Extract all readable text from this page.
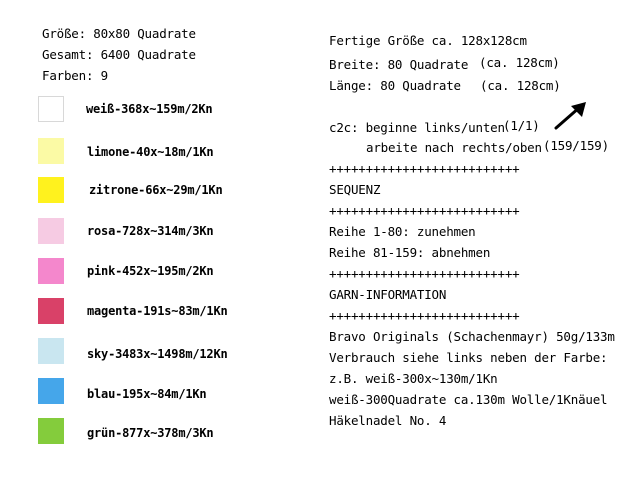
Größe: 80x80 Quadrate
Gesamt: 6400 Quadrate
Farben: 9
weiß-368x~159m/2Kn
limone-40x~18m/1Kn
zitrone-66x~29m/1Kn
rosa-728x~314m/3Kn
pink-452x~195m/2Kn
magenta-191s~83m/1Kn
sky-3483x~1498m/12Kn
blau-195x~84m/1Kn
grün-877x~378m/3Kn
Fertige Größe ca. 128x128cm
Breite: 80 Quadrate (ca. 128cm)
Länge: 80 Quadrate (ca. 128cm)
c2c: beginne links/unten
(1/1)
arbeite nach rechts/oben (159/159)
++++++++++++++++++++++++++
SEQUENZ
++++++++++++++++++++++++++
Reihe 1-80: zunehmen
Reihe 81-159: abnehmen
++++++++++++++++++++++++++
GARN-INFORMATION
++++++++++++++++++++++++++
Bravo Originals (Schachenmayr) 50g/133m
Verbrauch siehe links neben der Farbe:
z.B. weiß-300x~130m/1Kn
weiß-300Quadrate ca.130m Wolle/1Knäuel
Häkelnadel No. 4
